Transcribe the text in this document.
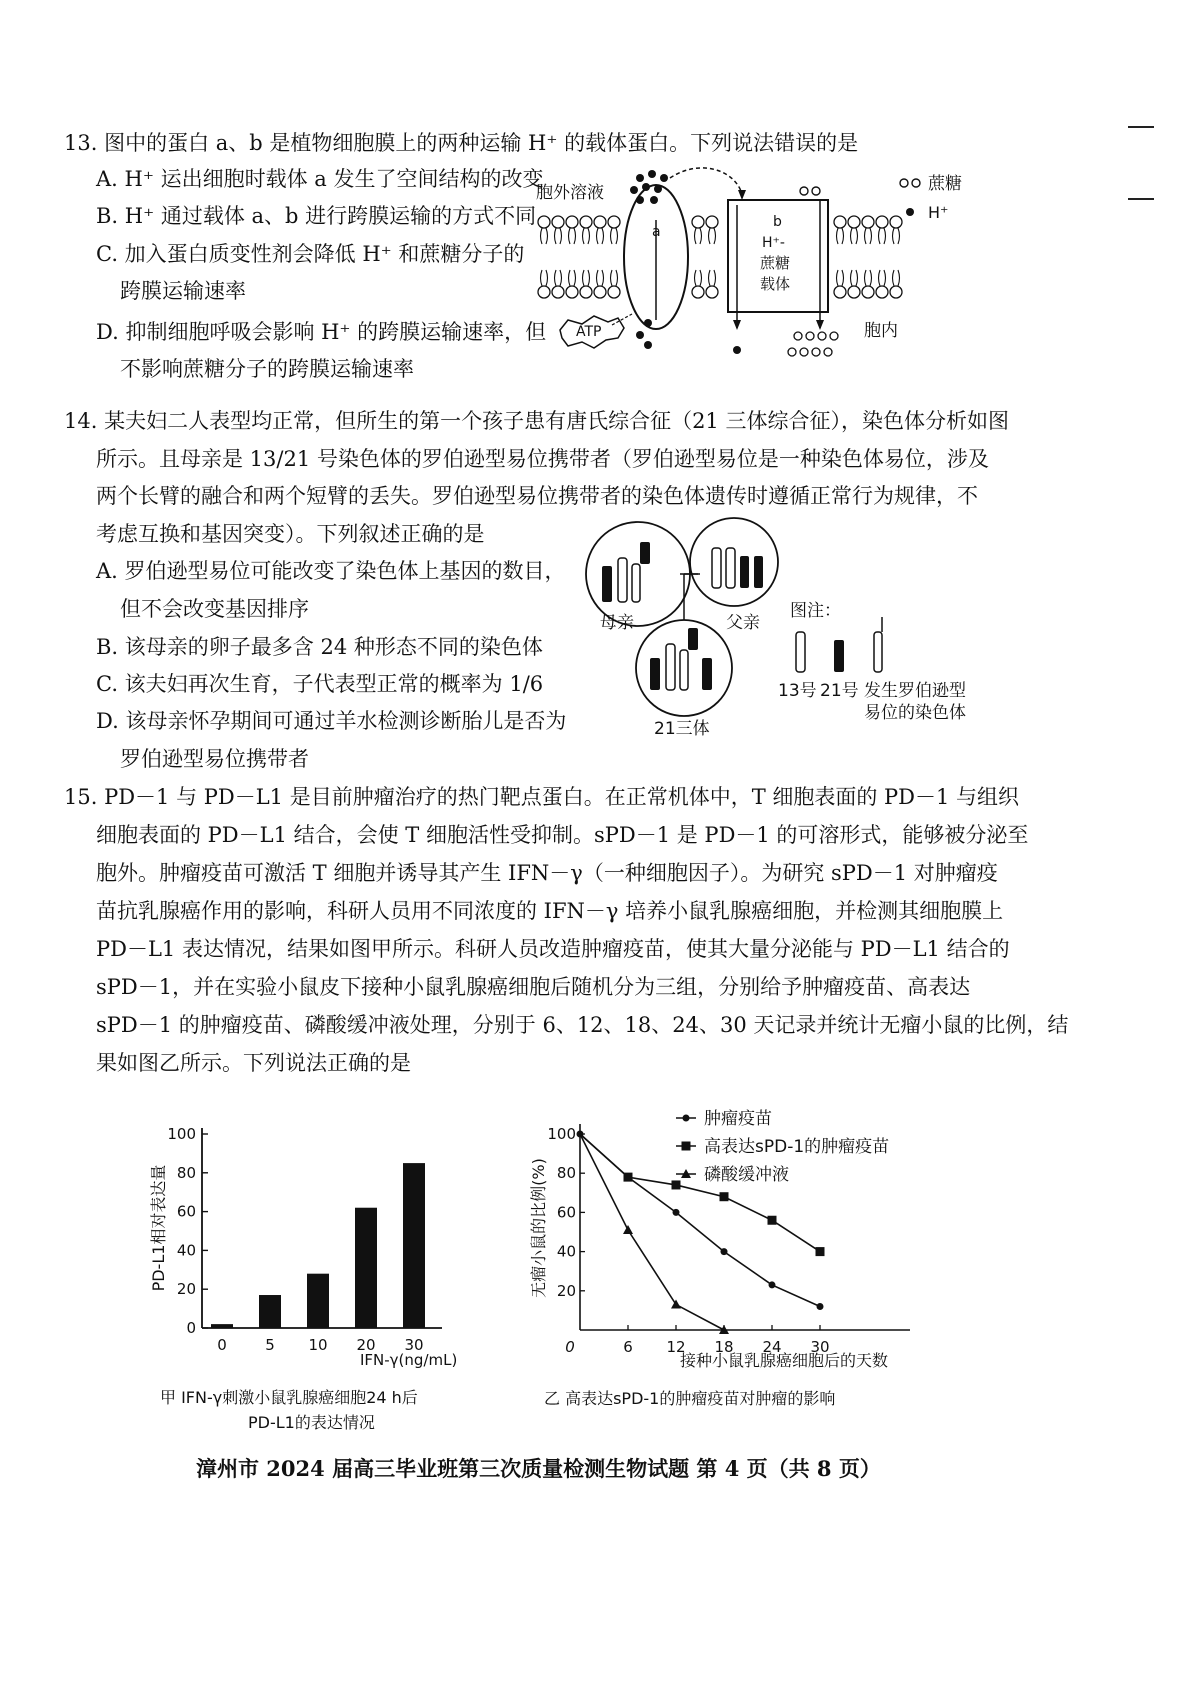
13. 图中的蛋白 a、b 是植物细胞膜上的两种运输 H⁺ 的载体蛋白。下列说法错误的是
A. H⁺ 运出细胞时载体 a 发生了空间结构的改变
B. H⁺ 通过载体 a、b 进行跨膜运输的方式不同
C. 加入蛋白质变性剂会降低 H⁺ 和蔗糖分子的
跨膜运输速率
D. 抑制细胞呼吸会影响 H⁺ 的跨膜运输速率，但
不影响蔗糖分子的跨膜运输速率
a
b
H⁺-
蔗糖
载体
ATP
胞外溶液
胞内
蔗糖
H⁺
14. 某夫妇二人表型均正常，但所生的第一个孩子患有唐氏综合征（21 三体综合征），染色体分析如图
所示。且母亲是 13/21 号染色体的罗伯逊型易位携带者（罗伯逊型易位是一种染色体易位，涉及
两个长臂的融合和两个短臂的丢失。罗伯逊型易位携带者的染色体遗传时遵循正常行为规律，不
考虑互换和基因突变）。下列叙述正确的是
A. 罗伯逊型易位可能改变了染色体上基因的数目，
但不会改变基因排序
B. 该母亲的卵子最多含 24 种形态不同的染色体
C. 该夫妇再次生育，子代表型正常的概率为 1/6
D. 该母亲怀孕期间可通过羊水检测诊断胎儿是否为
罗伯逊型易位携带者
母亲	父亲
21三体
图注：
13号 21号 发生罗伯逊型
易位的染色体
15. PD－1 与 PD－L1 是目前肿瘤治疗的热门靶点蛋白。在正常机体中，T 细胞表面的 PD－1 与组织
细胞表面的 PD－L1 结合，会使 T 细胞活性受抑制。sPD－1 是 PD－1 的可溶形式，能够被分泌至
胞外。肿瘤疫苗可激活 T 细胞并诱导其产生 IFN－γ（一种细胞因子）。为研究 sPD－1 对肿瘤疫
苗抗乳腺癌作用的影响，科研人员用不同浓度的 IFN－γ 培养小鼠乳腺癌细胞，并检测其细胞膜上
PD－L1 表达情况，结果如图甲所示。科研人员改造肿瘤疫苗，使其大量分泌能与 PD－L1 结合的
sPD－1，并在实验小鼠皮下接种小鼠乳腺癌细胞后随机分为三组，分别给予肿瘤疫苗、高表达
sPD－1 的肿瘤疫苗、磷酸缓冲液处理，分别于 6、12、18、24、30 天记录并统计无瘤小鼠的比例，结
果如图乙所示。下列说法正确的是
PD-L1相对表达量
IFN-γ(ng/mL)
甲 IFN-γ刺激小鼠乳腺癌细胞24 h后
PD-L1的表达情况
0
20
40
60
80
100
0	5 10 20 30
无瘤小鼠的比例(%)
接种小鼠乳腺癌细胞后的天数
乙 高表达sPD-1的肿瘤疫苗对肿瘤的影响
20
40
60
80
100
0	6 12 18 24 30
肿瘤疫苗
高表达sPD-1的肿瘤疫苗
磷酸缓冲液
漳州市 2024 届高三毕业班第三次质量检测生物试题 第 4 页（共 8 页）
